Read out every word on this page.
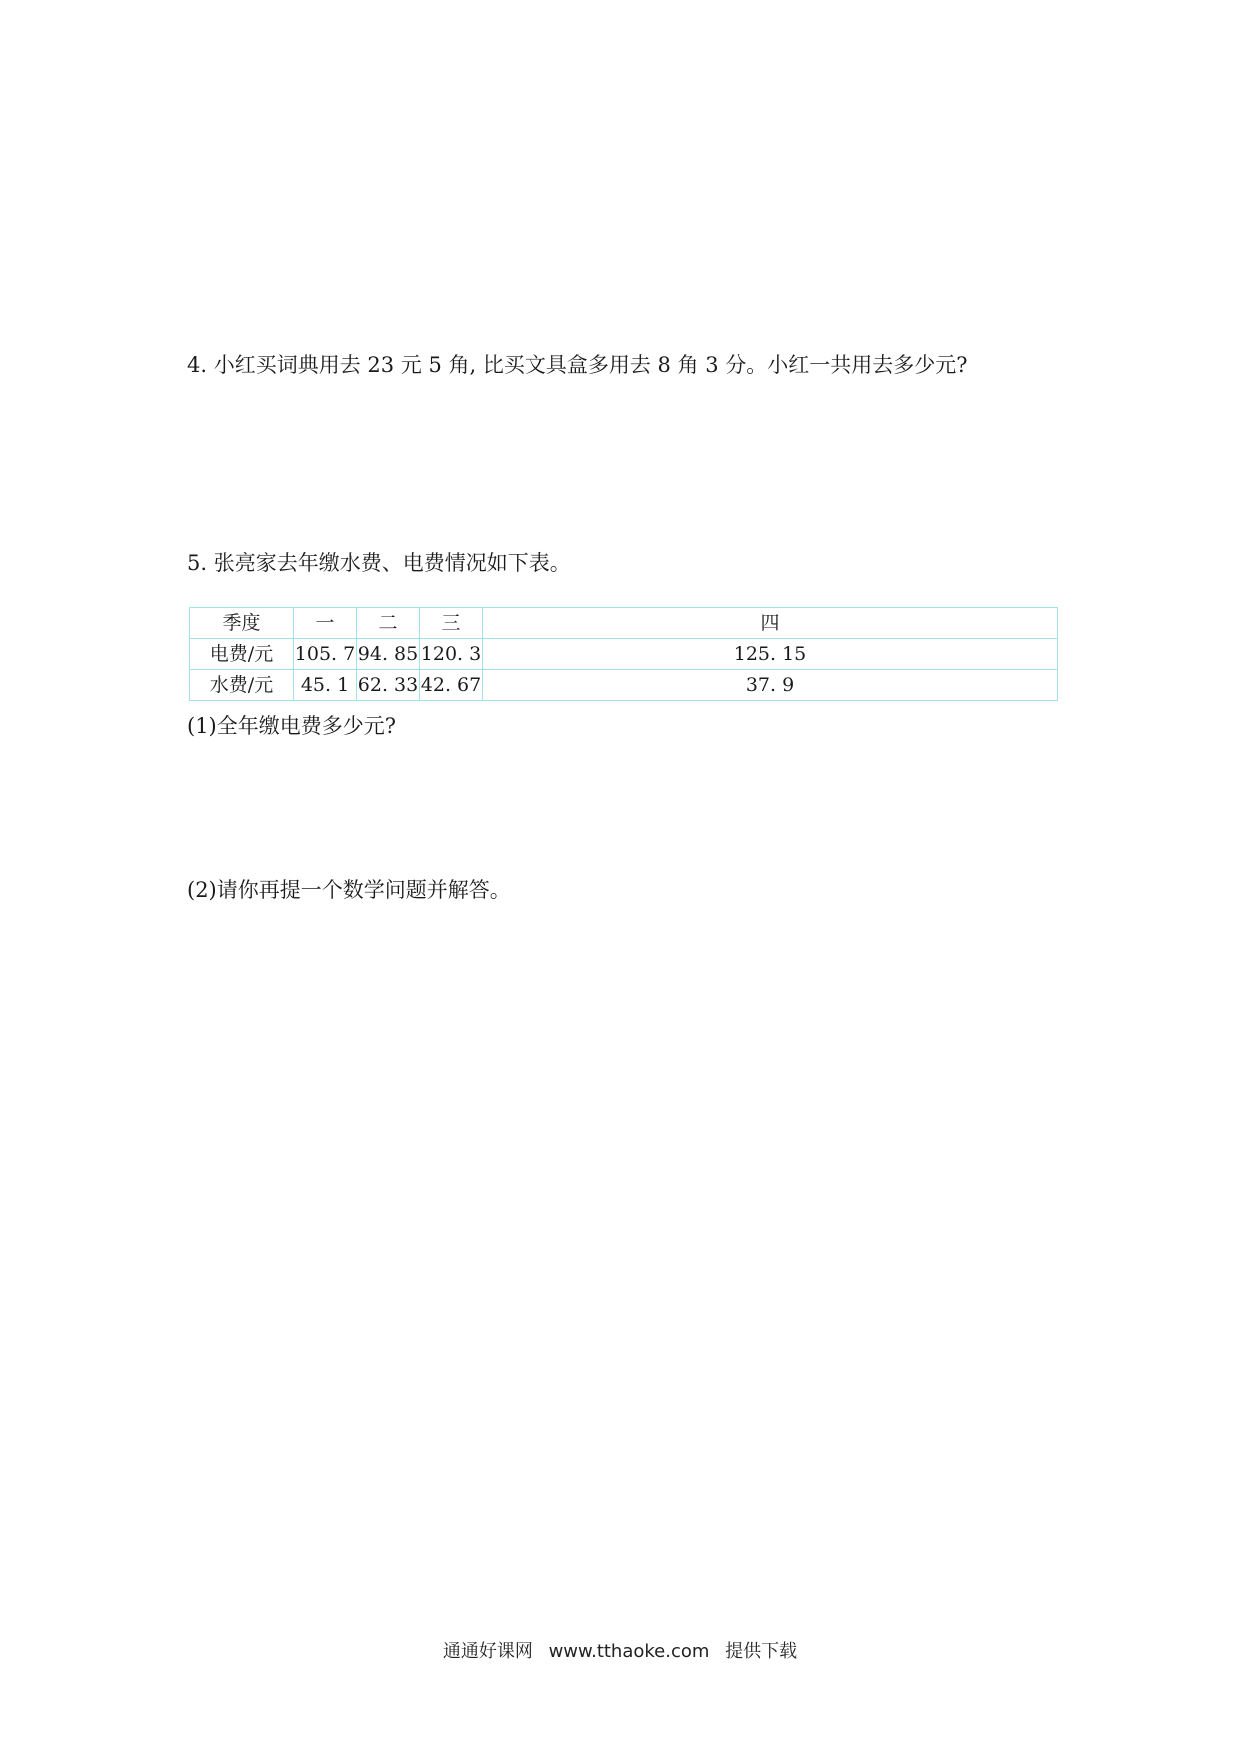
4. 小红买词典用去 23 元 5 角, 比买文具盒多用去 8 角 3 分。小红一共用去多少元?

5. 张亮家去年缴水费、电费情况如下表。

季度	一	二	三	四
电费/元	105. 7	94. 85	120. 3	125. 15
水费/元	45. 1	62. 33	42. 67	37. 9

(1)全年缴电费多少元?

(2)请你再提一个数学问题并解答。

通通好课网 www.tthaoke.com 提供下载
